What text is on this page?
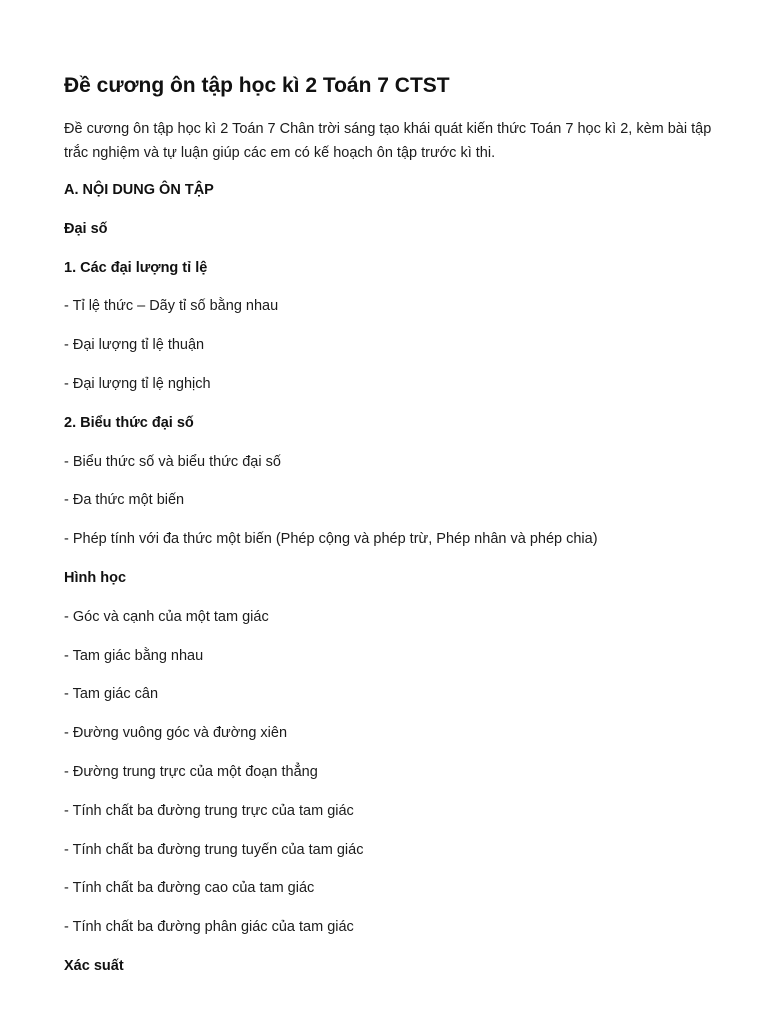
Đề cương ôn tập học kì 2 Toán 7 CTST

Đề cương ôn tập học kì 2 Toán 7 Chân trời sáng tạo khái quát kiến thức Toán 7 học kì 2, kèm bài tập trắc nghiệm và tự luận giúp các em có kế hoạch ôn tập trước kì thi.

A. NỘI DUNG ÔN TẬP
Đại số
1. Các đại lượng tỉ lệ
- Tỉ lệ thức – Dãy tỉ số bằng nhau
- Đại lượng tỉ lệ thuận
- Đại lượng tỉ lệ nghịch
2. Biểu thức đại số
- Biểu thức số và biểu thức đại số
- Đa thức một biến
- Phép tính với đa thức một biến (Phép cộng và phép trừ, Phép nhân và phép chia)
Hình học
- Góc và cạnh của một tam giác
- Tam giác bằng nhau
- Tam giác cân
- Đường vuông góc và đường xiên
- Đường trung trực của một đoạn thẳng
- Tính chất ba đường trung trực của tam giác
- Tính chất ba đường trung tuyến của tam giác
- Tính chất ba đường cao của tam giác
- Tính chất ba đường phân giác của tam giác
Xác suất
